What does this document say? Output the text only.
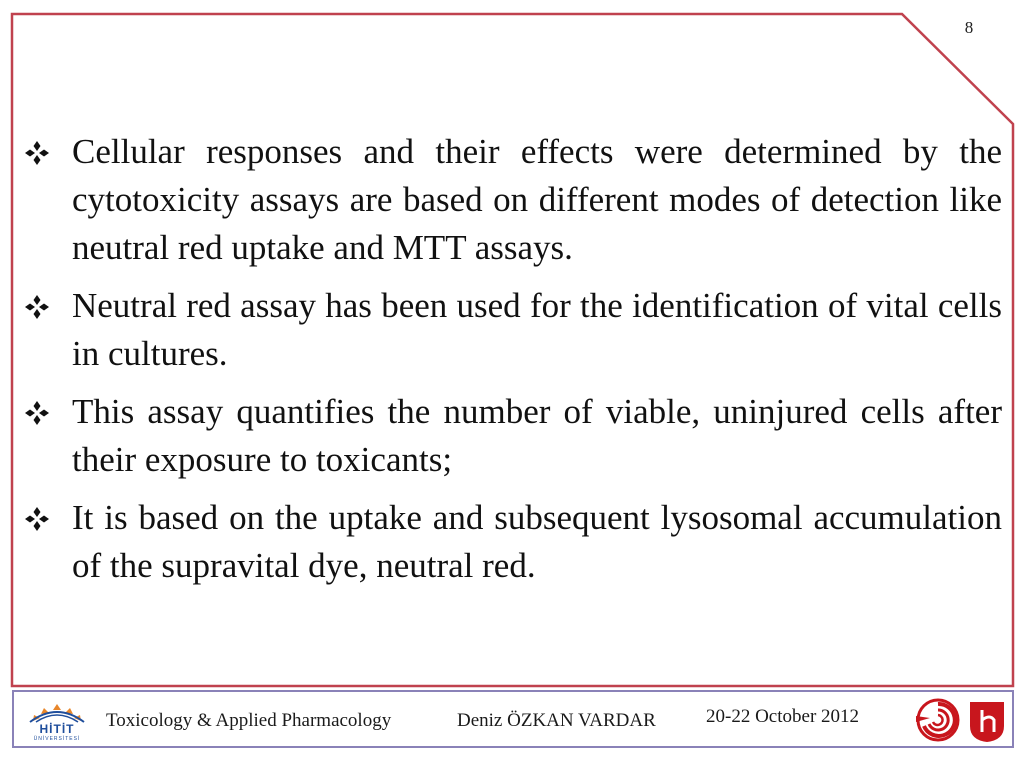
8
Cellular responses and their effects were determined by the cytotoxicity assays are based on different modes of detection like neutral red uptake and MTT assays.
Neutral red assay has been used for the identification of vital cells in cultures.
This assay quantifies the number of viable, uninjured cells after their exposure to toxicants;
It is based on the uptake and subsequent lysosomal accumulation of the supravital dye, neutral red.
HİTİT
ÜNİVERSİTESİ
Toxicology & Applied Pharmacology	Deniz ÖZKAN VARDAR	20-22 October 2012
